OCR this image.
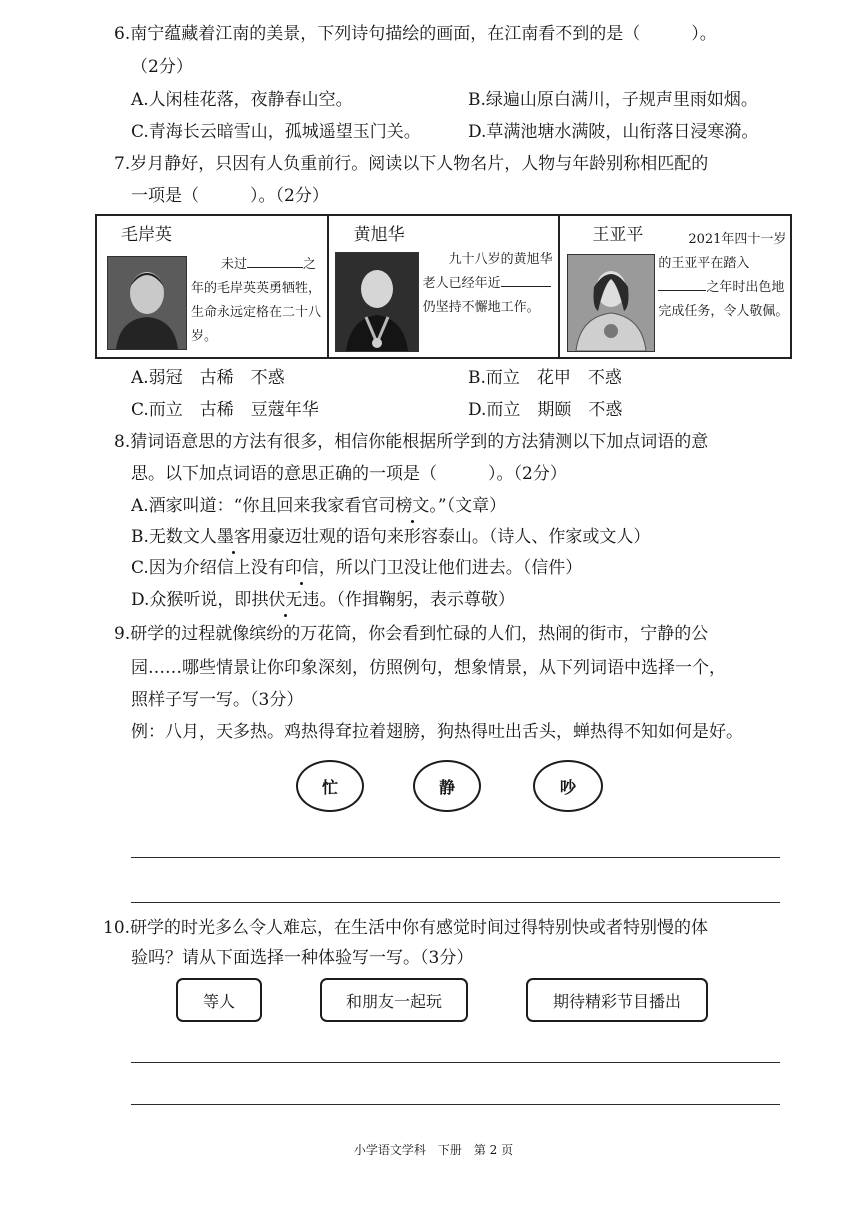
6.南宁蕴藏着江南的美景，下列诗句描绘的画面，在江南看不到的是（　　　）。
（2分）
A.人闲桂花落，夜静春山空。	B.绿遍山原白满川，子规声里雨如烟。
C.青海长云暗雪山，孤城遥望玉门关。	D.草满池塘水满陂，山衔落日浸寒漪。
7.岁月静好，只因有人负重前行。阅读以下人物名片，人物与年龄别称相匹配的
一项是（　　　）。（2分）
毛岸英
未过	之年的毛岸英英勇牺牲，生命永远定格在二十八岁。
黄旭华
九十八岁的黄旭华老人已经年近仍坚持不懈地工作。
王亚平	2021年四十一岁的王亚平在踏入之年时出色地完成任务，令人敬佩。
A.弱冠　古稀　不惑	B.而立　花甲　不惑
C.而立　古稀　豆蔻年华	D.而立　期颐　不惑
8.猜词语意思的方法有很多，相信你能根据所学到的方法猜测以下加点词语的意
思。以下加点词语的意思正确的一项是（　　　）。（2分）
A.酒家叫道：“你且回来我家看官司榜文。”（文章）
B.无数文人墨客用豪迈壮观的语句来形容泰山。（诗人、作家或文人）
C.因为介绍信上没有印信，所以门卫没让他们进去。（信件）
D.众猴听说，即拱伏无违。（作揖鞠躬，表示尊敬）
9.研学的过程就像缤纷的万花筒，你会看到忙碌的人们，热闹的街市，宁静的公
园……哪些情景让你印象深刻，仿照例句，想象情景，从下列词语中选择一个，
照样子写一写。（3分）
例：八月，天多热。鸡热得耷拉着翅膀，狗热得吐出舌头，蝉热得不知如何是好。
忙	静	吵
10.研学的时光多么令人难忘，在生活中你有感觉时间过得特别快或者特别慢的体
验吗？请从下面选择一种体验写一写。（3分）
等人	和朋友一起玩	期待精彩节目播出
小学语文学科　下册　第 2 页
